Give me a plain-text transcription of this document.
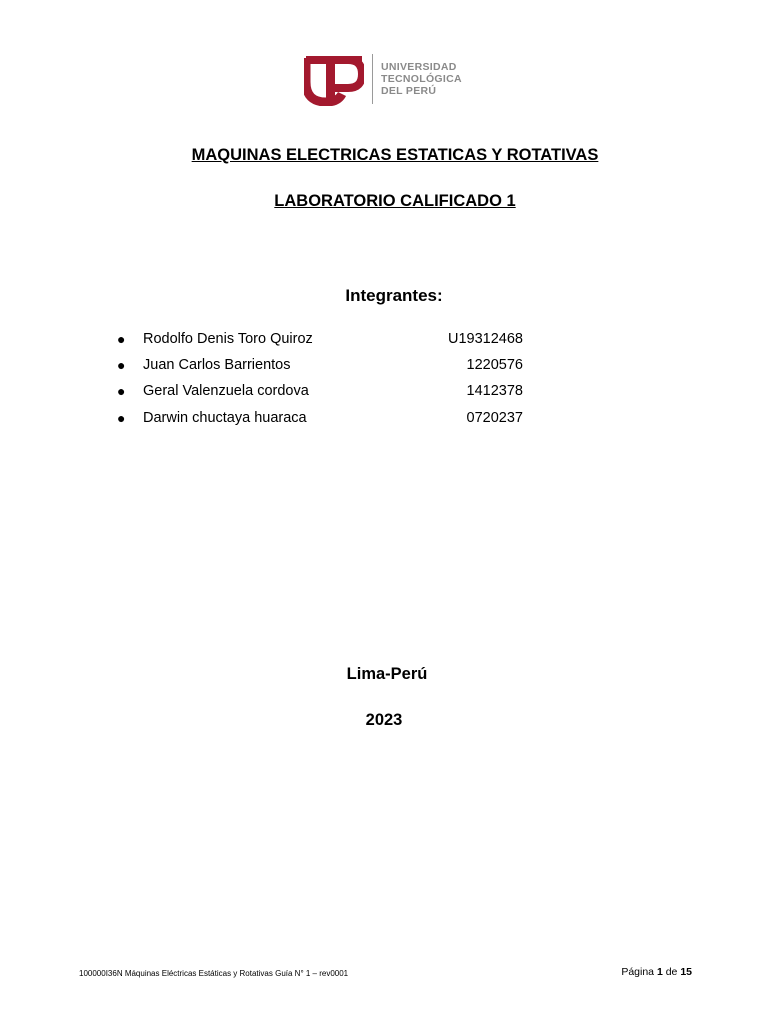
UNIVERSIDAD
TECNOLÓGICA
DEL PERÚ
MAQUINAS ELECTRICAS ESTATICAS Y ROTATIVAS
LABORATORIO CALIFICADO 1
Integrantes:
● Rodolfo Denis Toro Quiroz	U19312468
● Juan Carlos Barrientos	1220576
● Geral Valenzuela cordova	1412378
● Darwin chuctaya huaraca	0720237
Lima-Perú
2023
100000I36N Máquinas Eléctricas Estáticas y Rotativas Guía N° 1 – rev0001	Página 1 de 15
